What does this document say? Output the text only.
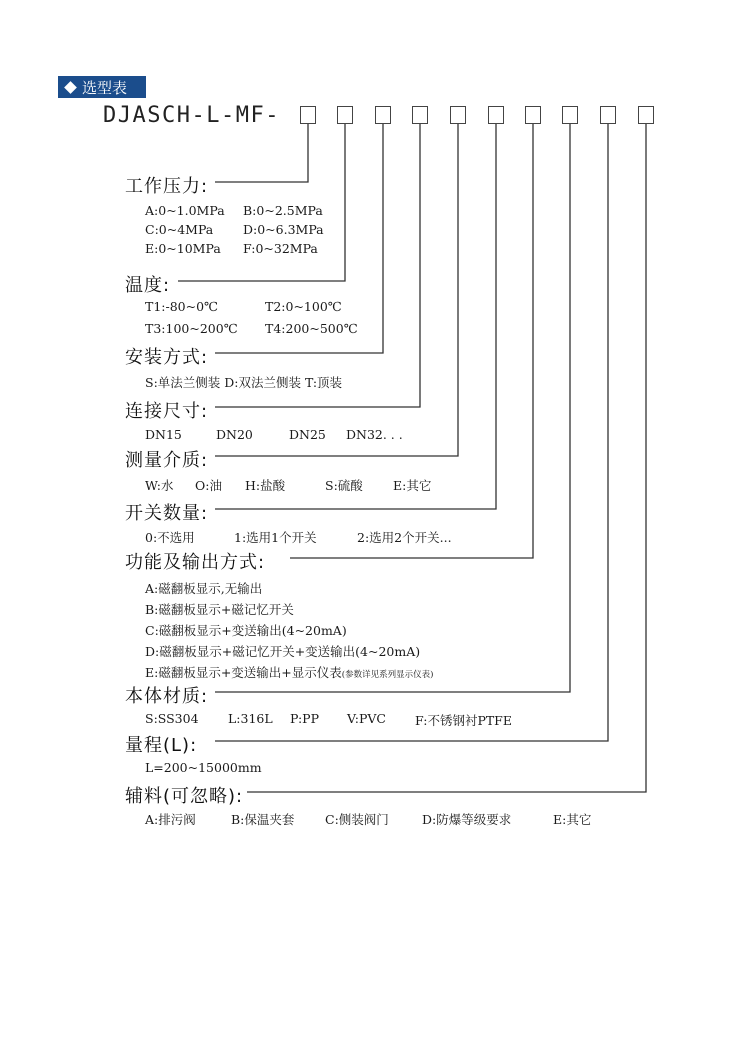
选型表
DJASCH-L-MF-
工作压力:
A:0~1.0MPa B:0~2.5MPa
C:0~4MPa D:0~6.3MPa
E:0~10MPa F:0~32MPa
温度:
T1:-80~0℃	T2:0~100℃
T3:100~200℃ T4:200~500℃
安装方式:
S:单法兰侧装 D:双法兰侧装 T:顶装
连接尺寸:
DN15	DN20	DN25 DN32. . .
测量介质:
W:水 O:油 H:盐酸	S:硫酸 E:其它
开关数量:
0:不选用	1:选用1个开关	2:选用2个开关...
功能及输出方式:
A:磁翻板显示,无输出
B:磁翻板显示+磁记忆开关
C:磁翻板显示+变送输出(4~20mA)
D:磁翻板显示+磁记忆开关+变送输出(4~20mA)
E:磁翻板显示+变送输出+显示仪表(参数详见系列显示仪表)
本体材质:
S:SS304 L:316L P:PP V:PVC F:不锈钢衬PTFE
量程(L):
L=200~15000mm
辅料(可忽略):
A:排污阀	B:保温夹套 C:侧装阀门	D:防爆等级要求	E:其它
